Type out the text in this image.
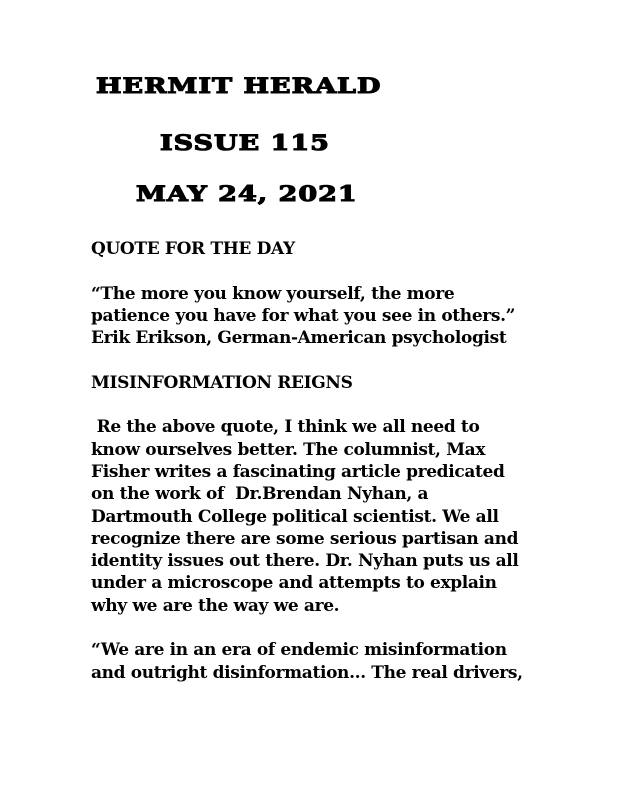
HERMIT HERALD
ISSUE 115
MAY 24, 2021

QUOTE FOR THE DAY

“The more you know yourself, the more
patience you have for what you see in others.”
Erik Erikson, German-American psychologist

MISINFORMATION REIGNS

Re the above quote, I think we all need to
know ourselves better. The columnist, Max
Fisher writes a fascinating article predicated
on the work of  Dr.Brendan Nyhan, a
Dartmouth College political scientist. We all
recognize there are some serious partisan and
identity issues out there. Dr. Nyhan puts us all
under a microscope and attempts to explain
why we are the way we are.

“We are in an era of endemic misinformation
and outright disinformation… The real drivers,
